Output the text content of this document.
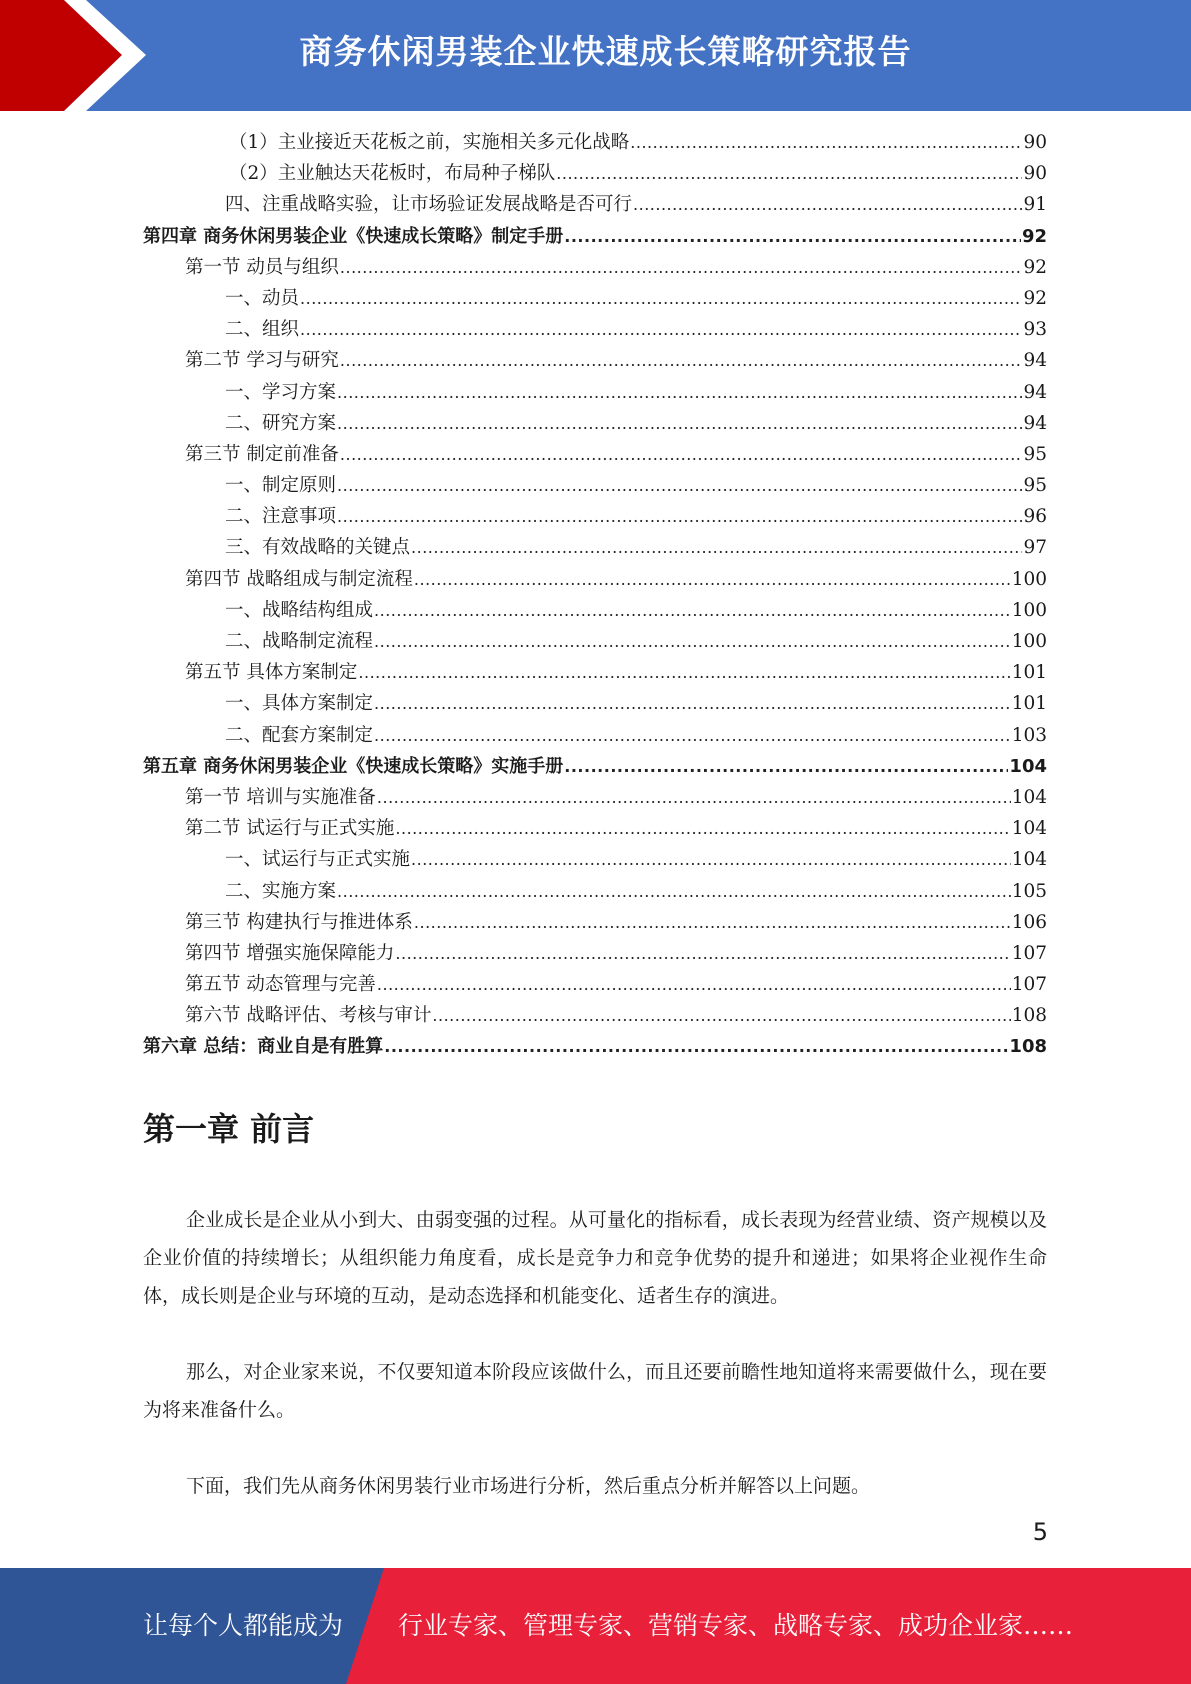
商务休闲男装企业快速成长策略研究报告
（1）主业接近天花板之前，实施相关多元化战略 .....	90
（2）主业触达天花板时，布局种子梯队 .....	90
四、注重战略实验，让市场验证发展战略是否可行 .....	91
第四章 商务休闲男装企业《快速成长策略》制定手册 .....	92
第一节 动员与组织 .....	92
一、动员 .....	92
二、组织 .....	93
第二节 学习与研究 .....	94
一、学习方案 .....	94
二、研究方案 .....	94
第三节 制定前准备 .....	95
一、制定原则 .....	95
二、注意事项 .....	96
三、有效战略的关键点 .....	97
第四节 战略组成与制定流程 .....	100
一、战略结构组成 .....	100
二、战略制定流程 .....	100
第五节 具体方案制定 .....	101
一、具体方案制定 .....	101
二、配套方案制定 .....	103
第五章 商务休闲男装企业《快速成长策略》实施手册 .....	104
第一节 培训与实施准备 .....	104
第二节 试运行与正式实施 .....	104
一、试运行与正式实施 .....	104
二、实施方案 .....	105
第三节 构建执行与推进体系 .....	106
第四节 增强实施保障能力 .....	107
第五节 动态管理与完善 .....	107
第六节 战略评估、考核与审计 .....	108
第六章 总结：商业自是有胜算 .....	108
第一章 前言

企业成长是企业从小到大、由弱变强的过程。从可量化的指标看，成长表现为经营业绩、资产规模以及企业价值的持续增长；从组织能力角度看，成长是竞争力和竞争优势的提升和递进；如果将企业视作生命体，成长则是企业与环境的互动，是动态选择和机能变化、适者生存的演进。

那么，对企业家来说，不仅要知道本阶段应该做什么，而且还要前瞻性地知道将来需要做什么，现在要为将来准备什么。

下面，我们先从商务休闲男装行业市场进行分析，然后重点分析并解答以上问题。

5
让每个人都能成为 行业专家、管理专家、营销专家、战略专家、成功企业家……
